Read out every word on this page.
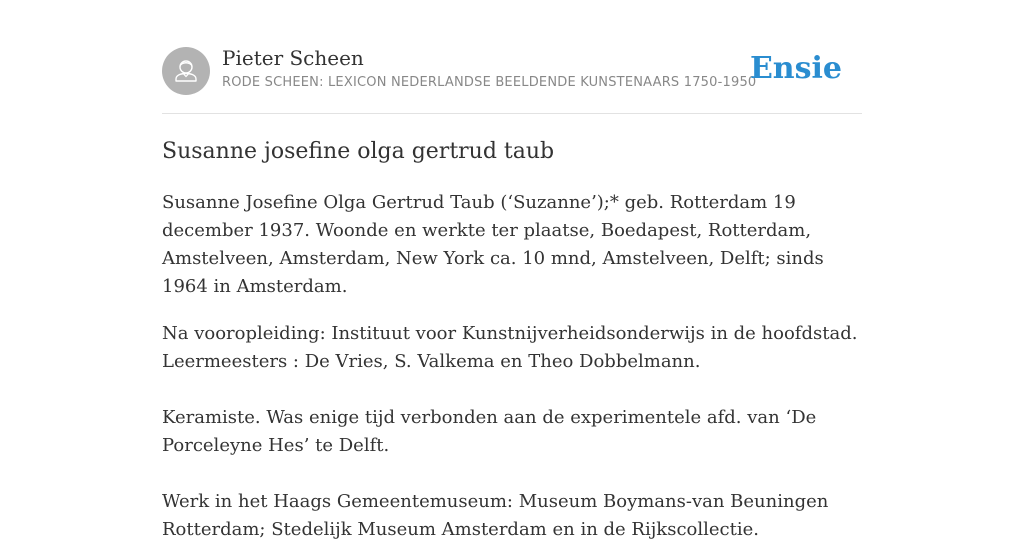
Pieter Scheen
RODE SCHEEN: LEXICON NEDERLANDSE BEELDENDE KUNSTENAARS 1750-1950
Ensie
Susanne josefine olga gertrud taub

Susanne Josefine Olga Gertrud Taub (‘Suzanne’);* geb. Rotterdam 19 december 1937. Woonde en werkte ter plaatse, Boedapest, Rotterdam, Amstelveen, Amsterdam, New York ca. 10 mnd, Amstelveen, Delft; sinds 1964 in Amsterdam.

Na vooropleiding: Instituut voor Kunstnijverheidsonderwijs in de hoofdstad.
Leermeesters : De Vries, S. Valkema en Theo Dobbelmann.

Keramiste. Was enige tijd verbonden aan de experimentele afd. van ‘De Porceleyne Hes’ te Delft.

Werk in het Haags Gemeentemuseum: Museum Boymans-van Beuningen Rotterdam; Stedelijk Museum Amsterdam en in de Rijkscollectie.
